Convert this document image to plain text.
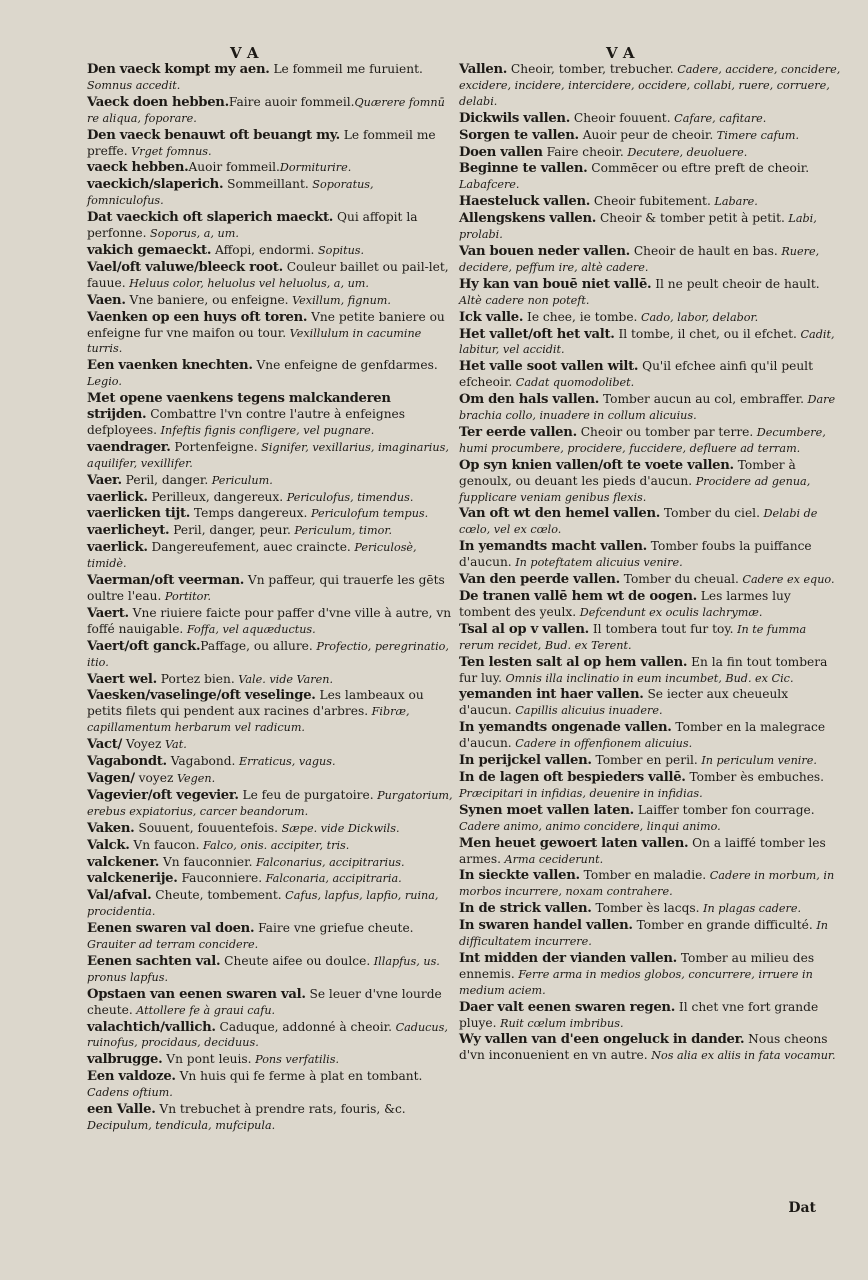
V A	V A
Den vaeck kompt my aen. Le fommeil me furuient. Somnus accedit.
Vaeck doen hebben.Faire auoir fommeil.Quærere fomnū re aliqua, foporare.
Den vaeck benauwt oft beuangt my. Le fommeil me preffe. Vrget fomnus.
vaeck hebben.Auoir fommeil.Dormiturire.
vaeckich/slaperich. Sommeillant. Soporatus, fomniculofus.
Dat vaeckich oft slaperich maeckt. Qui affopit la perfonne. Soporus, a, um.
vakich gemaeckt. Affopi, endormi. Sopitus.
Vael/oft valuwe/bleeck root. Couleur baillet ou pail-let, fauue. Heluus color, heluolus vel heluolus, a, um.
Vaen. Vne baniere, ou enfeigne. Vexillum, fignum.
Vaenken op een huys oft toren. Vne petite baniere ou enfeigne fur vne maifon ou tour. Vexillulum in cacumine turris.
Een vaenken knechten. Vne enfeigne de genfdarmes. Legio.
Met opene vaenkens tegens malckanderen strijden. Combattre l'vn contre l'autre à enfeignes defployees. Infeftis fignis confligere, vel pugnare.
vaendrager. Portenfeigne. Signifer, vexillarius, imaginarius, aquilifer, vexillifer.
Vaer. Peril, danger. Periculum.
vaerlick. Perilleux, dangereux. Periculofus, timendus.
vaerlicken tijt. Temps dangereux. Periculofum tempus.
vaerlicheyt. Peril, danger, peur. Periculum, timor.
vaerlick. Dangereufement, auec craincte. Periculosè, timidè.
Vaerman/oft veerman. Vn paffeur, qui trauerfe les gēts oultre l'eau. Portitor.
Vaert. Vne riuiere faicte pour paffer d'vne ville à autre, vn foffé nauigable. Foffa, vel aquæductus.
Vaert/oft ganck.Paffage, ou allure. Profectio, peregrinatio, itio.
Vaert wel. Portez bien. Vale. vide Varen.
Vaesken/vaselinge/oft veselinge. Les lambeaux ou petits filets qui pendent aux racines d'arbres. Fibræ, capillamentum herbarum vel radicum.
Vact/ Voyez Vat.
Vagabondt. Vagabond. Erraticus, vagus.
Vagen/ voyez Vegen.
Vagevier/oft vegevier. Le feu de purgatoire. Purgatorium, erebus expiatorius, carcer beandorum.
Vaken. Souuent, fouuentefois. Sæpe. vide Dickwils.
Valck. Vn faucon. Falco, onis. accipiter, tris.
valckener. Vn fauconnier. Falconarius, accipitrarius.
valckenerije. Fauconniere. Falconaria, accipitraria.
Val/afval. Cheute, tombement. Cafus, lapfus, lapfio, ruina, procidentia.
Eenen swaren val doen. Faire vne griefue cheute. Grauiter ad terram concidere.
Eenen sachten val. Cheute aifee ou doulce. Illapfus, us. pronus lapfus.
Opstaen van eenen swaren val. Se leuer d'vne lourde cheute. Attollere fe à graui cafu.
valachtich/vallich. Caduque, addonné à cheoir. Caducus, ruinofus, procidaus, deciduus.
valbrugge. Vn pont leuis. Pons verfatilis.
Een valdoze. Vn huis qui fe ferme à plat en tombant. Cadens oftium.
een Valle. Vn trebuchet à prendre rats, fouris, &c. Decipulum, tendicula, mufcipula.
Vallen. Cheoir, tomber, trebucher. Cadere, accidere, concidere, excidere, incidere, intercidere, occidere, collabi, ruere, corruere, delabi.
Dickwils vallen. Cheoir fouuent. Cafare, cafitare.
Sorgen te vallen. Auoir peur de cheoir. Timere cafum.
Doen vallen Faire cheoir. Decutere, deuoluere.
Beginne te vallen. Commēcer ou eftre preft de cheoir. Labafcere.
Haesteluck vallen. Cheoir fubitement. Labare.
Allengskens vallen. Cheoir & tomber petit à petit. Labi, prolabi.
Van bouen neder vallen. Cheoir de hault en bas. Ruere, decidere, peffum ire, altè cadere.
Hy kan van bouē niet vallē. Il ne peult cheoir de hault. Altè cadere non poteft.
Ick valle. Ie chee, ie tombe. Cado, labor, delabor.
Het vallet/oft het valt. Il tombe, il chet, ou il efchet. Cadit, labitur, vel accidit.
Het valle soot vallen wilt. Qu'il efchee ainfi qu'il peult efcheoir. Cadat quomodolibet.
Om den hals vallen. Tomber aucun au col, embraffer. Dare brachia collo, inuadere in collum alicuius.
Ter eerde vallen. Cheoir ou tomber par terre. Decumbere, humi procumbere, procidere, fuccidere, defluere ad terram.
Op syn knien vallen/oft te voete vallen. Tomber à genoulx, ou deuant les pieds d'aucun. Procidere ad genua, fupplicare veniam genibus flexis.
Van oft wt den hemel vallen. Tomber du ciel. Delabi de cœlo, vel ex cœlo.
In yemandts macht vallen. Tomber foubs la puiffance d'aucun. In poteftatem alicuius venire.
Van den peerde vallen. Tomber du cheual. Cadere ex equo.
De tranen vallē hem wt de oogen. Les larmes luy tombent des yeulx. Defcendunt ex oculis lachrymæ.
Tsal al op v vallen. Il tombera tout fur toy. In te fumma rerum recidet, Bud. ex Terent.
Ten lesten salt al op hem vallen. En la fin tout tombera fur luy. Omnis illa inclinatio in eum incumbet, Bud. ex Cic.
yemanden int haer vallen. Se iecter aux cheueulx d'aucun. Capillis alicuius inuadere.
In yemandts ongenade vallen. Tomber en la malegrace d'aucun. Cadere in offenfionem alicuius.
In perijckel vallen. Tomber en peril. In periculum venire.
In de lagen oft bespieders vallē. Tomber ès embuches. Præcipitari in infidias, deuenire in infidias.
Synen moet vallen laten. Laiffer tomber fon courrage. Cadere animo, animo concidere, linqui animo.
Men heuet gewoert laten vallen. On a laiffé tomber les armes. Arma ceciderunt.
In sieckte vallen. Tomber en maladie. Cadere in morbum, in morbos incurrere, noxam contrahere.
In de strick vallen. Tomber ès lacqs. In plagas cadere.
In swaren handel vallen. Tomber en grande difficulté. In difficultatem incurrere.
Int midden der vianden vallen. Tomber au milieu des ennemis. Ferre arma in medios globos, concurrere, irruere in medium aciem.
Daer valt eenen swaren regen. Il chet vne fort grande pluye. Ruit cœlum imbribus.
Wy vallen van d'een ongeluck in dander. Nous cheons d'vn inconuenient en vn autre. Nos alia ex aliis in fata vocamur.
Dat
